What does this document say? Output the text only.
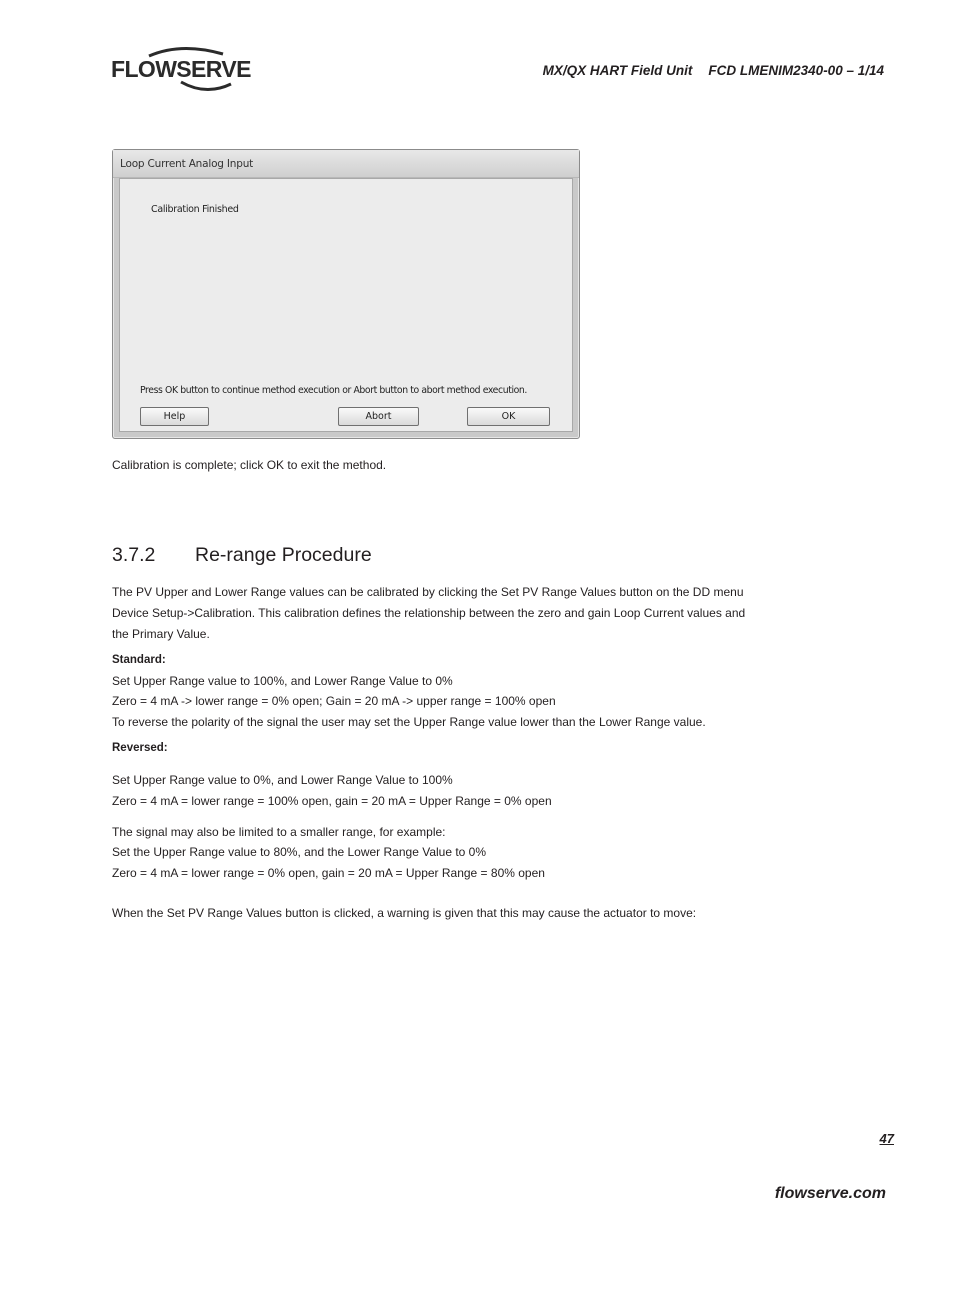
FLOWSERVE	MX/QX HART Field Unit FCD LMENIM2340-00 – 1/14
Loop Current Analog Input
Calibration Finished
Press OK button to continue method execution or Abort button to abort method execution.
Help	Abort	OK
Calibration is complete; click OK to exit the method.
3.7.2 Re-range Procedure
The PV Upper and Lower Range values can be calibrated by clicking the Set PV Range Values button on the DD menu
Device Setup->Calibration. This calibration defines the relationship between the zero and gain Loop Current values and
the Primary Value.
Standard:
Set Upper Range value to 100%, and Lower Range Value to 0%
Zero = 4 mA -> lower range = 0% open; Gain = 20 mA -> upper range = 100% open
To reverse the polarity of the signal the user may set the Upper Range value lower than the Lower Range value.
Reversed:
Set Upper Range value to 0%, and Lower Range Value to 100%
Zero = 4 mA = lower range = 100% open, gain = 20 mA = Upper Range = 0% open
The signal may also be limited to a smaller range, for example:
Set the Upper Range value to 80%, and the Lower Range Value to 0%
Zero = 4 mA = lower range = 0% open, gain = 20 mA = Upper Range = 80% open
When the Set PV Range Values button is clicked, a warning is given that this may cause the actuator to move:
47
flowserve.com
